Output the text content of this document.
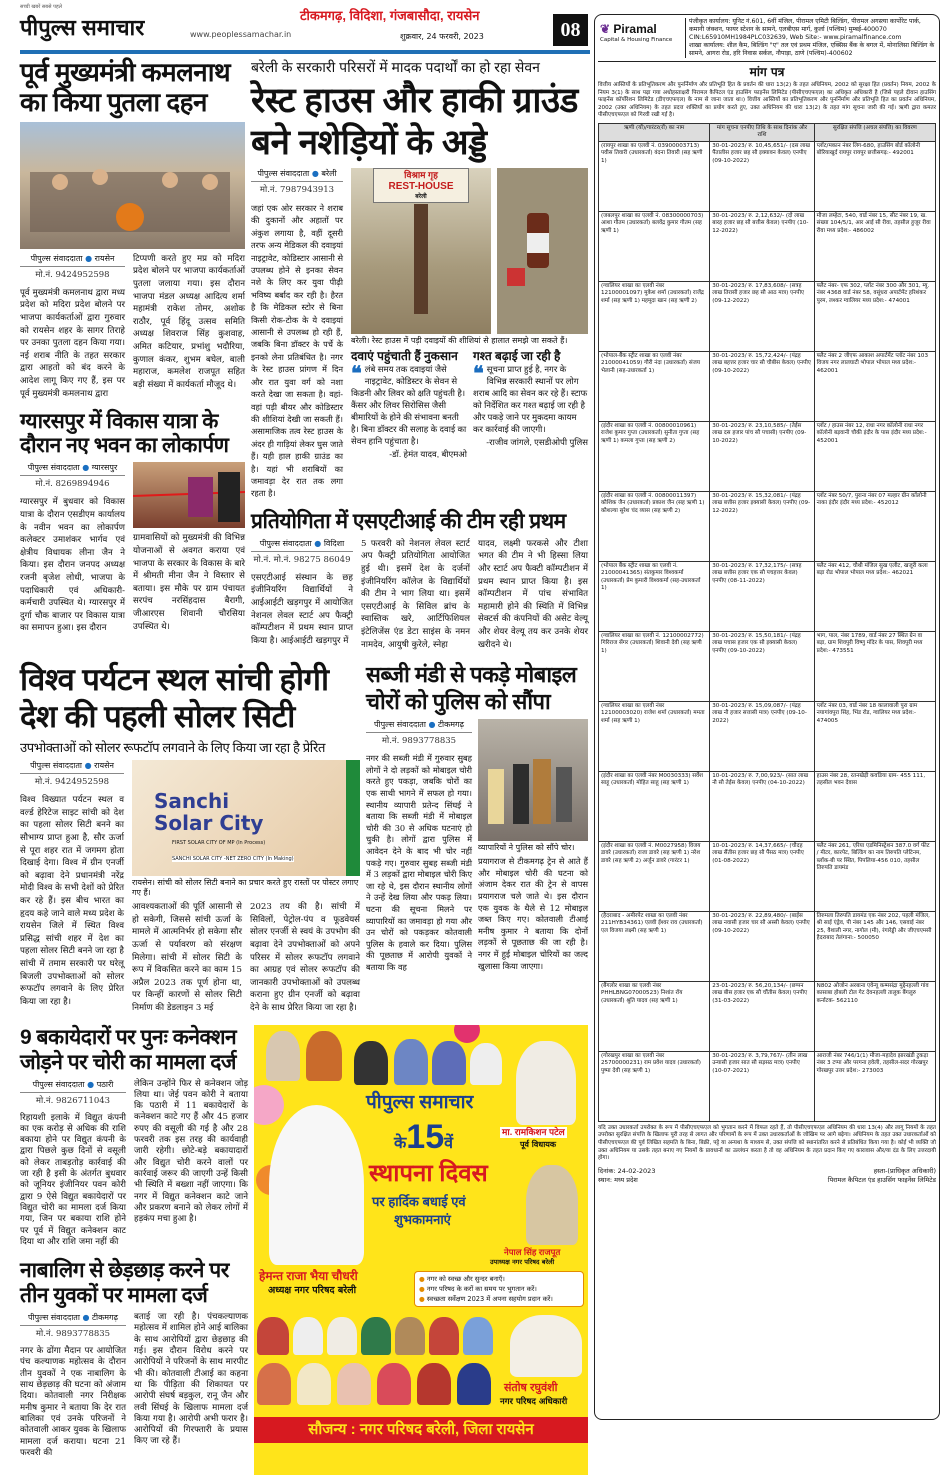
सच्ची खबरें सबसे पहले
पीपुल्स समाचार	www.peoplessamachar.in
टीकमगढ़, विदिशा, गंजबासौदा, रायसेन
शुक्रवार, 24 फरवरी, 2023	08
पूर्व मुख्यमंत्री कमलनाथ का किया पुतला दहन
पीपुल्स संवाददाता ● रायसेन
मो.नं. 9424952598
पूर्व मुख्यमंत्री कमलनाथ द्वारा मध्य प्रदेश को मदिरा प्रदेश बोलने पर भाजपा कार्यकर्ताओं द्वारा गुरुवार को रायसेन शहर के सागर तिराहे पर उनका पुतला दहन किया गया। नई शराब नीति के तहत सरकार द्वारा आहतो को बंद करने के आदेश लागू किए गए हैं, इस पर पूर्व मुख्यमंत्री कमलनाथ द्वारा
टिप्पणी करते हुए मप्र को मदिरा प्रदेश बोलने पर भाजपा कार्यकर्ताओं पुतला जलाया गया। इस दौरान भाजपा मंडल अध्यक्ष आदित्य शर्मा महामंत्री राकेश तोमर, अशोक राठौर, पूर्व हिंदू उत्सव समिति अध्यक्ष शिवराज सिंह कुशवाह, अमित कटियार, प्रभांशु भदौरिया, कुणाल कंकर, शुभम बघेल, बाली महाराज, कमलेश राजपूत सहित बड़ी संख्या में कार्यकर्ता मौजूद थे।
ग्यारसपुर में विकास यात्रा के दौरान नए भवन का लोकार्पण
पीपुल्स संवाददाता ● ग्यारसपुर
मो.नं. 8269894946
ग्यारसपुर में बुधवार को विकास यात्रा के दौरान एसडीएम कार्यालय के नवीन भवन का लोकार्पण कलेक्टर उमाशंकर भार्गव एवं क्षेत्रीय विधायक लीना जैन ने किया। इस दौरान जनपद अध्यक्ष रजनी बृजेश लोधी, भाजपा के पदाधिकारी एवं अधिकारी-कर्मचारी उपस्थित थे। ग्यारसपुर में दुर्गा चौक बाजार पर विकास यात्रा का समापन हुआ। इस दौरान
ग्रामवासियों को मुख्यमंत्री की विभिन्न योजनाओं से अवगत कराया एवं भाजपा के सरकार के विकास के बारे में श्रीमती मीना जैन ने विस्तार से बताया। इस मौके पर ग्राम पंचायत सरपंच नरसिंहदास बैरागी, जीआरएस शिवानी चौरसिया उपस्थित थे।
बरेली के सरकारी परिसरों में मादक पदार्थों का हो रहा सेवन
रेस्ट हाउस और हाकी ग्राउंड बने नशेड़ियों के अड्डे
पीपुल्स संवाददाता ● बरेली
मो.नं. 7987943913
जहां एक ओर सरकार ने शराब की दुकानों और अहातों पर अंकुश लगाया है, वहीं दूसरी तरफ अन्य मेडिकल की दवाइयां नाइट्रावेट, कोडिस्टार आसानी से उपलब्ध होने से इनका सेवन नशे के लिए कर युवा पीढ़ी भविष्य बर्बाद कर रही है। हैरत है कि मेडिकल स्टोर से बिना किसी रोक-टोक के ये दवाइयां आसानी से उपलब्ध हो रही हैं, जबकि बिना डॉक्टर के पर्चे के इनको लेना प्रतिबंधित है। नगर के रेस्ट हाउस प्रांगण में दिन और रात युवा वर्ग को नशा करते देखा जा सकता है। वहां-वहां पड़ी बीयर और कोडिस्टार की शीशियां देखी जा सकती हैं। असामाजिक तत्व रेस्ट हाउस के अंदर ही गाड़ियां लेकर घुस जाते हैं। यही हाल हाकी ग्राउंड का है। यहां भी शराबियों का जमावड़ा देर रात तक लगा रहता है।
विश्राम गृह
REST-HOUSE
बरेली
बरेली। रेस्ट हाउस में पड़ी दवाइयों की शीशियां से हालात समझे जा सकते हैं।
दवाएं पहुंचाती हैं नुकसान
❝ लंबे समय तक दवाइयां जैसे नाइट्रावेट, कोडिस्टर के सेवन से किडनी और लिवर को क्षति पहुंचती है। कैंसर और लिवर सिरोसिस जैसी बीमारियों के होने की संभावना बनती है। बिना डॉक्टर की सलाह के दवाई का सेवन हानि पहुंचाता है।
-डॉ. हेमंत यादव, बीएमओ
गश्त बढ़ाई जा रही है
❝ सूचना प्राप्त हुई है, नगर के विभिन्न सरकारी स्थानों पर लोग शराब आदि का सेवन कर रहे हैं। स्टाफ को निर्देशित कर गश्त बढ़ाई जा रही है और पकड़े जाने पर मुकदमा कायम कर कार्रवाई की जाएगी।
-राजीव जांगले, एसडीओपी पुलिस
प्रतियोगिता में एसएटीआई की टीम रही प्रथम
पीपुल्स संवाददाता ● विदिशा
मो.नं. मो.नं. 98275 86049
एसएटीआई संस्थान के छह इंजीनियरिंग विद्यार्थियों ने आईआईटी खड़गपुर में आयोजित नेशनल लेवल स्टार्ट अप फैक्ट्री कॉम्पटीशन में प्रथम स्थान प्राप्त किया है। आईआईटी खड़गपुर में
5 फरवरी को नेशनल लेवल स्टार्ट अप फैक्ट्री प्रतियोगिता आयोजित हुई थी। इसमें देश के दर्जनों इंजीनियरिंग कॉलेज के विद्यार्थियों की टीम ने भाग लिया था। इसमें एसएटीआई के सिविल ब्रांच के स्वास्तिक खरे, आर्टिफिशियल इंटेलिजेंस एंड डेटा साइंस के नमन नामदेव, आयुषी कुरेले, स्नेहा
यादव, लक्ष्मी फरकसे और टीशा भगत की टीम ने भी हिस्सा लिया और स्टार्ट अप फैक्टी कॉम्पटीशन में प्रथम स्थान प्राप्त किया है। इस कॉम्पटीशन में पांच संभावित महामारी होने की स्थिति में विभिन्न सेक्टर्स की कंपनियों की असेट वेल्यू और शेयर वेल्यू तय कर उनके शेयर खरीदने थे।
विश्व पर्यटन स्थल सांची होगी देश की पहली सोलर सिटी
उपभोक्ताओं को सोलर रूफटॉप लगवाने के लिए किया जा रहा है प्रेरित
पीपुल्स संवाददाता ● रायसेन
मो.नं. 9424952598
विश्व विख्यात पर्यटन स्थल व वर्ल्ड हेरिटेज साइट सांची को देश का पहला सोलर सिटी बनने का सौभाग्य प्राप्त हुआ है, सौर ऊर्जा से पूरा शहर रात में जगमग होता दिखाई देगा। विश्व में ग्रीन एनर्जी को बढ़ावा देने प्रधानमंत्री नरेंद्र मोदी विश्व के सभी देशों को प्रेरित कर रहे हैं। इस बीच भारत का हृदय कहे जाने वाले मध्य प्रदेश के रायसेन जिले में स्थित विश्व प्रसिद्ध सांची शहर में देश का पहला सोलर सिटी बनने जा रहा है सांची में तमाम सरकारी पर घरेलू बिजली उपभोक्ताओं को सोलर रूफटॉप लगवाने के लिए प्रेरित किया जा रहा है।
Sanchi
Solar City
FIRST SOLAR CITY OF MP (In Process)
SANCHI SOLAR CITY -NET ZERO CITY (In Making)
रायसेन। सांची को सोलर सिटी बनाने का प्रचार करते हुए रास्तों पर पोस्टर लगाए गए हैं।
आवश्यकताओं की पूर्ति आसानी से हो सकेगी, जिससे सांची ऊर्जा के मामले में आत्मनिर्भर हो सकेगा सौर ऊर्जा से पर्यावरण को संरक्षण मिलेगा। सांची में सोलर सिटी के रूप में विकसित करने का काम 15 अप्रैल 2023 तक पूर्ण होना था, पर किन्हीं कारणों से सोलर सिटी निर्माण की डेडलाइन 3 मई
2023 तय की है। सांची में सिविलों, पेट्रोल-पंप व फूडवेयर्स सोलर एनर्जी से स्वयं के उपभोग की बढ़ावा देने उपभोक्ताओं को अपने परिसर में सोलर रूफटॉप लगवाने का आग्रह एवं सोलर रूफटॉप की जानकारी उपभोक्ताओं को उपलब्ध कराना हुए ग्रीन एनर्जी को बढ़ावा देने के साथ प्रेरित किया जा रहा है।
सब्जी मंडी से पकड़े मोबाइल चोरों को पुलिस को सौंपा
पीपुल्स संवाददाता ● टीकमगढ़
मो.नं. 9893778835
नगर की सब्जी मंडी में गुरुवार सुबह लोगों ने दो लड़कों को मोबाइल चोरी करते हुए पकड़ा, जबकि चोरों का एक साथी भागने में सफल हो गया। स्थानीय व्यापारी प्रतेन्द सिंघई ने बताया कि सब्जी मंडी में मोबाइल चोरी की 30 से अधिक घटनाएं हो चुकी है। लोगों द्वारा पुलिस में आवेदन देने के बाद भी चोर नहीं पकड़े गए। गुरुवार सुबह सब्जी मंडी में 3 लड़कों द्वारा मोबाइल चोरी किए जा रहे थे, इस दौरान स्थानीय लोगों ने उन्हें देख लिया और पकड़ लिया। घटना की सूचना मिलने पर व्यापारियों का जमावड़ा हो गया और उन चोरों को पकड़कर कोतवाली पुलिस के हवाले कर दिया। पुलिस की पूछताछ में आरोपी युवकों ने बताया कि वह
व्यापारियों ने पुलिस को सौंपे चोर।
प्रयागराज से टीकमगढ़ ट्रेन से आते हैं और मोबाइल चोरी की घटना को अंजाम देकर रात की ट्रेन से वापस प्रयागराज चले जाते थे। इस दौरान एक युवक के थैले से 12 मोबाइल जब्त किए गए। कोतवाली टीआई मनीष कुमार ने बताया कि दोनों लड़कों से पूछताछ की जा रही है। नगर में हुई मोबाइल चोरियों का जल्द खुलासा किया जाएगा।
9 बकायेदारों पर पुनः कनेक्शन जोड़ने पर चोरी का मामला दर्ज
पीपुल्स संवाददाता ● पठारी
मो.नं. 9826711043
रिहायशी इलाके में विद्युत कंपनी का एक करोड़ से अधिक की राशि बकाया होने पर विद्युत कंपनी के द्वारा पिछले कुछ दिनों से वसूली को लेकर ताबड़तोड़ कार्रवाई की जा रही है इसी के अंतर्गत बुधवार को जूनियर इंजीनियर पवन कोरी द्वारा 9 ऐसे विद्युत बकायेदारों पर विद्युत चोरी का मामला दर्ज किया गया, जिन पर बकाया राशि होने पर पूर्व में विद्युत कनेक्शन काट दिया था और राशि जमा नहीं की
लेकिन उन्होंने फिर से कनेक्शन जोड़ लिया था। जेई पवन कोरी ने बताया कि पठारी में 11 बकायेदारों के कनेक्शन काटे गए हैं और 45 हजार रुपए की वसूली की गई है और 28 फरवरी तक इस तरह की कार्यवाही जारी रहेगी। छोटे-बड़े बकायादारों और विद्युत चोरी करने वालों पर कार्रवाई जरूर की जाएगी उन्हें किसी भी स्थिति में बख्शा नहीं जाएगा। कि नगर में विद्युत कनेक्शन काटे जाने और प्रकरण बनाने को लेकर लोगों में हड़कंप मचा हुआ है।
नाबालिग से छेड़छाड़ करने पर तीन युवकों पर मामला दर्ज
पीपुल्स संवाददाता ● टीकमगढ़
मो.नं. 9893778835
नगर के ढोंगा मैदान पर आयोजित पंच कल्याणक महोत्सव के दौरान तीन युवकों ने एक नाबालिग के साथ छेड़छाड़ की घटना को अंजाम दिया। कोतवाली नगर निरीक्षक मनीष कुमार ने बताया कि देर रात बालिका एवं उनके परिजनों ने कोतवाली आकर युवक के खिलाफ मामला दर्ज कराया। घटना 21 फरवरी की
बताई जा रही है। पंचकल्याणक महोत्सव में शामिल होने आई बालिका के साथ आरोपियों द्वारा छेड़छाड़ की गई। इस दौरान विरोध करने पर आरोपियों ने परिजनों के साथ मारपीट भी की। कोतवाली टीआई का कहना था कि पीड़िता की शिकायत पर आरोपी संघर्ष बड़कुल, रानू जैन और लवी सिंघई के खिलाफ मामला दर्ज किया गया है। आरोपी अभी फरार है। आरोपियों की गिरफ्तारी के प्रयास किए जा रहे हैं।
पीपुल्स समाचार
के15वें
स्थापना दिवस
पर हार्दिक बधाई एवं
शुभकामनाएं
मा. रामकिशन पटेल
पूर्व विधायक
नेपाल सिंह राजपूत
उपाध्यक्ष नगर परिषद बरेली
हेमन्त राजा भैया चौधरी
अध्यक्ष नगर परिषद बरेली
● नगर को स्वच्छ और सुन्दर बनाएँ।
● नगर परिषद के करों का समय पर भुगतान करें।
● स्वच्छता सर्वेक्षण 2023 में अपना सहयोग प्रदान करें।
संतोष रघुवंशी
नगर परिषद अधिकारी
सौजन्य : नगर परिषद बरेली, जिला रायसेन
❦ Piramal
Capital & Housing Finance
पंजीकृत कार्यालय: यूनिट नं.601, 6वीं मंजिल, पीरामल एमिटी बिल्डिंग, पीरामल अगस्त्या कार्पोरेट पार्क, कमानी जंक्शन, फायर स्टेशन के सामने, एलबीएस मार्ग, कुर्ला (पश्चिम) मुम्बई-400070
CIN:L65910MH1984PLC032639, Web Site:- www.piramalfinance.com
शाखा कार्यालय: शील कैम, बिल्डिंग "ए" तल एवं प्रथम मंजिल, एक्सिस बैंक के बगल में, मोनालिसा बिल्डिंग के सामने, आगरा रोड, हरि निवास सर्कल, नौपाड़ा, ठाणे (पश्चिम)-400602
मांग पत्र
वित्तीय आस्तियों के प्रतिभूतिकरण और पुनर्निर्माण और प्रतिभूति हित के प्रवर्तन की धारा 13(2) के तहत अधिनियम, 2002 को सुरक्षा हित (प्रवर्तन) नियम, 2002 के नियम 3(1) के साथ पढ़ा गया अधोहस्ताक्षरी पिरामल कैपिटल एंड हाउसिंग फाइनेंस लिमिटेड (पीसीएचएफएल) का अधिकृत अधिकारी है (जिसे पहले दीवान हाउसिंग फाइनेंस कॉर्पोरेशन लिमिटेड (डीएचएफएल) के नाम से जाना जाता था।) वित्तीय आस्तियों का प्रतिभूतिकरण और पुनर्निर्माण और प्रतिभूति हित का प्रवर्तन अधिनियम, 2002 (उक्त अधिनियम) के तहत प्रदत्त शक्तियों का प्रयोग करते हुए, उक्त अधिनियम की धारा 13(2) के तहत मांग सूचना जारी की गई। ऋणी द्वारा कमतर पीसीएचएफएल को गिरवी रखी गई है।
ऋणी (यों)/गारंटर(रों) का नाम	मांग सूचना एनपीए तिथि के साथ दिनांक और राशि	सुरक्षित संपत्ति (अचल संपत्ति) का विवरण
(रायपुर शाखा का एलवी नं. 03900003713) पवीस तिवारी (उधारकर्ता) वंदना तिवारी (सह ऋणी 1)	30-01-2023/ रु. 10,45,651/- (दस लाख पैंतालीस हजार छह सौ इक्यावन केवल) एनपीए (09-10-2022)	प्लॉट/मकान नंबर लिग-680, हाउसिंग बोर्ड कॉलोनी बोरियाखुर्द रायपुर रायपुर छत्तीसगढ़:- 492001
(जबलपुर शाखा का एलवी नं. 08300000703) आशा गौतम (उधारकर्ता) बलवेंद्र कुमार गौतम (सह ऋणी 1)	30-01-2023/ रु. 2,12,632/- (दो लाख बारह हजार छह सौ बत्तीस केवल) एनपीए (10-12-2022)	मौजा लम्हेटा, 540, वार्ड नंबर 15, सीट नंबर 19, ख. संख्या 104/5/1, आर आई सी रीवा, तहसील हुजूर रीवा रीवा मध्य प्रदेश:- 486002
(ग्वालियर शाखा का एलवी नंबर 12100001097) मुकेश शर्मा (उधारकर्ता) राजेंद्र शर्मा (सह ऋणी 1) महमूदा खान (सह ऋणी 2)	30-01-2023/ रु. 17,83,608/- (सत्रह लाख तिरासी हजार छह सौ आठ मात्र) एनपीए (09-12-2022)	फ्लैट नंबर- एफ 302, प्लॉट नंबर 300 और 301, म्यु. नंबर 4368 वार्ड नंबर 58, वसुंधरा अपार्टमेंट हरिशंकर पुरम, लश्कर ग्वालियर मध्य प्रदेश:- 474001
(भोपाल-बैंक स्ट्रीट शाखा का एलवी नंबर 21000041059) गौरी नंदा (उधारकर्ता) संजय भेलानी (सह-उधारकर्ता 1)	30-01-2023/ रु. 15,72,424/- (पंद्रह लाख बहत्तर हजार चार सौ चौबीस केवल) एनपीए (09-10-2022)	फ्लैट नंबर 2 जीएफ आकाश अपार्टमेंट प्लॉट नंबर 103 विजय नगर लालघाटी भोपाल भोपाल मध्य प्रदेश:- 462001
(इंदौर शाखा का एलवी नं. 00800010961) राजेश कुमार गुप्ता (उधारकर्ता) सुनीता गुप्ता (सह ऋणी 1) कमला गुप्ता (सह ऋणी 2)	30-01-2023/ रु. 23,10,585/- (तेईस लाख दस हजार पांच सौ पचासी) एनपीए (09-10-2022)	प्लॉट / हाउस नंबर 12, राधा नगर कॉलोनी राधा नगर कॉलोनी बड़वानी चौकी इंदौर के पास इंदौर मध्य प्रदेश:- 452001
(इंदौर शाखा का एलवी नं. 00800011397) कौशिक जैन (उधारकर्ता) प्रकाश जैन (सह ऋणी 1) कौशल्या सुरेश चंद व्यास (सह ऋणी 2)	30-01-2023/ रु. 15,32,081/- (पंद्रह लाख बत्तीस हजार इक्यासी केवल) एनपीए (09-12-2022)	प्लॉट नंबर 50/7, पुराना नंबर 07 मल्हार ग्रीन कॉलोनी नाका इंदौर इंदौर मध्य प्रदेश:- 452012
(भोपाल बैंक स्ट्रीट शाखा का एलवी नं. 21000041365) संतकुमार विश्वकर्मा (उधारकर्ता) प्रेम कुमारी विश्वकर्मा (सह-उधारकर्ता 1)	30-01-2023/ रु. 17,32,175/- (सत्रह लाख बत्तीस हजार एक सौ पचहत्तर केवल) एनपीए (08-11-2022)	फ्लैट नंबर 412, चौथी मंजिल सुख एलीट, खजूरी कला बड़ा रोड भोपाल भोपाल मध्य प्रदेश:- 462021
(ग्वालियर शाखा का एलवी नं. 12100002772) गिरिराज सेंगर (उधारकर्ता) शिवानी देवी (सह ऋणी 1)	30-01-2023/ रु. 15,50,181/- (पंद्रह लाख पचास हजार एक सौ इक्यासी केवल) एनपीए (09-10-2022)	भाग, पाल, नंबर 1789, वार्ड नंबर 27 स्थित ग्रेन वा बड़ा, ग्राम शिवपुरी विष्णु मंदिर के पास, शिवपुरी मध्य प्रदेश:- 473551
(ग्वालियर शाखा का एलवी नंबर 12100003020) राजेश शर्मा (उधारकर्ता) ममता शर्मा (सह ऋणी 1)	30-01-2023/ रु. 15,09,087/- (पंद्रह लाख नौ हजार सत्तासी मात्र) एनपीए (09-10-2022)	प्लॉट नंबर 03, वार्ड नंबर 18 कालावाली पुरा ग्राम नयागांवपुरा सिंह, भिंड रोड, ग्वालियर मध्य प्रदेश:- 474005
(इंदौर शाखा का एलवी नंबर M0030333) सर्वेश साहू (उधारकर्ता) मोहित साहू (सह ऋणी 1)	10-01-2023/ रु. 7,00,923/- (सात लाख नौ सौ तेईस केवल) एनपीए (04-10-2022)	हाउस नंबर 28, रतनखेड़ी कवडिया ग्राम- 455 111, तहसील भवन देवास
(इंदौर शाखा का एलवी नं. M0027958) विजय डावरे (उधारकर्ता) राजा डावरे (सह ऋणी 1) नरेश डावरे (सह ऋणी 2) अर्जुन डावरे (गारंटर 1)	10-01-2023/ रु. 14,37,665/- (चौदह लाख सैंतीस हजार छह सौ पैंसठ मात्र) एनपीए (01-08-2022)	फ्लैट नंबर 261, एरिया एडमिनिस्ट्रेशन 387.0 वर्ग फीट / मीटर, कारपेट, बिल्डिंग का नाम तिरुपति प्लेटिनम, ब्लॉक-बी पर स्थित, पिपलिया-456 010, तहसील तिरुपति डायमंड
(हैदराबाद - अमीरपेट शाखा का एलवी नंबर 211HYB34361) एलवी ईश्वर राव (उधारकर्ता) एल विजया लक्ष्मी (सह ऋणी 1)	30-01-2023/ रु. 22,89,480/- (बाईस लाख नवासी हजार चार सौ अस्सी केवल) एनपीए (09-10-2022)	तिरुमला तिरुपति डायमंड एक नंबर 202, पहली मंजिल, श्री साई एंड्रेव, पी नंबर 145 और 146, एसवाई नंबर 25, वैशाली नगर, नागोल (मी), रंगारेड्डी और जीएचएमसी हैदराबाद तेलंगाना:- 500050
(बैंगलोर शाखा का एलवी नंबर PHHLBNG07000523) निशांत रॉय (उधारकर्ता) श्रुति यादव (सह ऋणी 1)	23-01-2023/ रु. 56,20,134/- (छप्पन लाख बीस हजार एक सौ चौंतीस केवल) एनपीए (31-03-2022)	N802 ओजोन अरबाना एवेन्यू कम्मसंद्रा मुद्देनहल्ली गांव कासाबा होबली टोल गेट देवनहल्ली तालुक बैंगलुरु कर्नाटक- 562110
(गोरखपुर शाखा का एलवी नंबर 25700000231) राम प्रवेश यादव (उधारकर्ता) पुष्पा देवी (सह ऋणी 1)	30-01-2023/ रु. 3,79,767/- (तीन लाख उन्यासी हजार सात सौ सड़सठ मात्र) एनपीए (10-07-2021)	आराजी नंबर 746/1(1) मौजा-महादेव झारखंडी टुकड़ा नंबर 3 टप्पा और परगना हवेली, तहसील-सदर गोरखपुर गोरखपुर उत्तर प्रदेश:- 273003
यदि उक्त उधारकर्ता उपरोक्त के रूप में पीसीएचएफएल को भुगतान करने में विफल रहते हैं, तो पीसीएचएफएल अधिनियम की धारा 13(4) और लागू नियमों के तहत उपरोक्त सुरक्षित संपत्ति के खिलाफ पूरी तरह से लागत और परिणामों के रूप में उक्त उधारकर्ताओं के जोखिम पर आगे बढ़ेगा। अधिनियम के तहत उक्त उधारकर्ताओं को पीसीएचएफएल की पूर्व लिखित सहमति के बिना, बिक्री, पट्टे या अन्यथा के माध्यम से, उक्त संपत्ति को स्थानांतरित करने से प्रतिबंधित किया गया है। कोई भी व्यक्ति जो उक्त अधिनियम या उसके तहत बनाए गए नियमों के प्रावधानों का उल्लंघन करता है तो वह अधिनियम के तहत प्रदान किए गए कारावास और/या दंड के लिए उत्तरदायी होगा।
दिनांक: 24-02-2023
स्थान: मध्य प्रदेश
हस्ता-(प्राधिकृत अधिकारी)
पिरामल कैपिटल एंड हाउसिंग फाइनेंस लिमिटेड
